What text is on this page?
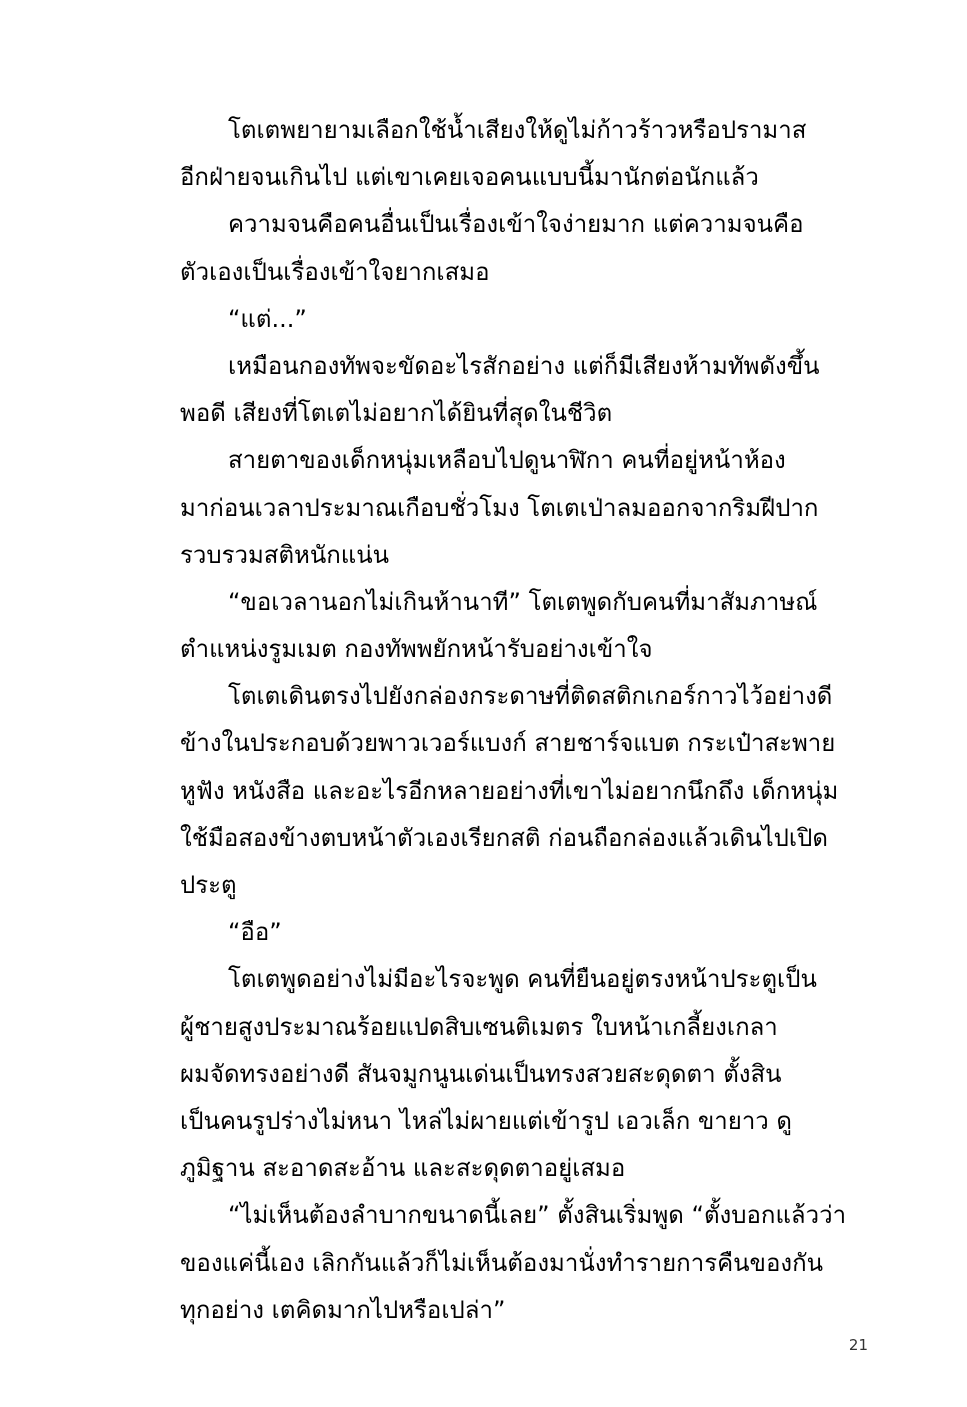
โตเตพยายามเลือกใช้น้ำเสียงให้ดูไม่ก้าวร้าวหรือปรามาส
อีกฝ่ายจนเกินไป แต่เขาเคยเจอคนแบบนี้มานักต่อนักแล้ว
ความจนคือคนอื่นเป็นเรื่องเข้าใจง่ายมาก แต่ความจนคือ
ตัวเองเป็นเรื่องเข้าใจยากเสมอ
“แต่...”
เหมือนกองทัพจะขัดอะไรสักอย่าง แต่ก็มีเสียงห้ามทัพดังขึ้น
พอดี เสียงที่โตเตไม่อยากได้ยินที่สุดในชีวิต
สายตาของเด็กหนุ่มเหลือบไปดูนาฬิกา คนที่อยู่หน้าห้อง
มาก่อนเวลาประมาณเกือบชั่วโมง โตเตเป่าลมออกจากริมฝีปาก
รวบรวมสติหนักแน่น
“ขอเวลานอกไม่เกินห้านาที” โตเตพูดกับคนที่มาสัมภาษณ์
ตำแหน่งรูมเมต กองทัพพยักหน้ารับอย่างเข้าใจ
โตเตเดินตรงไปยังกล่องกระดาษที่ติดสติกเกอร์กาวไว้อย่างดี
ข้างในประกอบด้วยพาวเวอร์แบงก์ สายชาร์จแบต กระเป๋าสะพาย
หูฟัง หนังสือ และอะไรอีกหลายอย่างที่เขาไม่อยากนึกถึง เด็กหนุ่ม
ใช้มือสองข้างตบหน้าตัวเองเรียกสติ ก่อนถือกล่องแล้วเดินไปเปิด
ประตู
“อือ”
โตเตพูดอย่างไม่มีอะไรจะพูด คนที่ยืนอยู่ตรงหน้าประตูเป็น
ผู้ชายสูงประมาณร้อยแปดสิบเซนติเมตร ใบหน้าเกลี้ยงเกลา
ผมจัดทรงอย่างดี สันจมูกนูนเด่นเป็นทรงสวยสะดุดตา ตั้งสิน
เป็นคนรูปร่างไม่หนา ไหล่ไม่ผายแต่เข้ารูป เอวเล็ก ขายาว ดู
ภูมิฐาน สะอาดสะอ้าน และสะดุดตาอยู่เสมอ
“ไม่เห็นต้องลำบากขนาดนี้เลย” ตั้งสินเริ่มพูด “ตั้งบอกแล้วว่า
ของแค่นี้เอง เลิกกันแล้วก็ไม่เห็นต้องมานั่งทำรายการคืนของกัน
ทุกอย่าง เตคิดมากไปหรือเปล่า”
21
